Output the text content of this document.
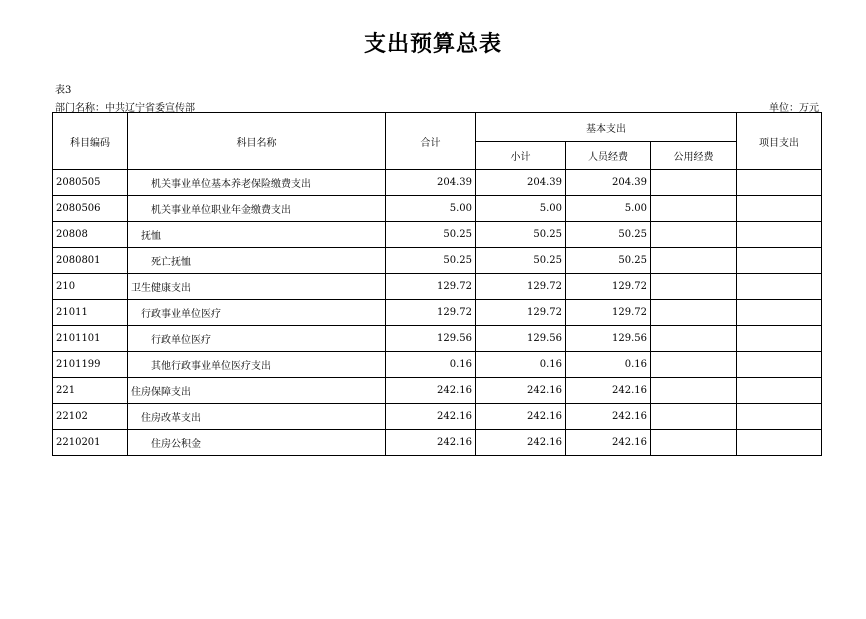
支出预算总表
表3
部门名称：中共辽宁省委宣传部	单位：万元
科目编码	科目名称	合计	基本支出			项目支出
			小计	人员经费	公用经费	
2080505	机关事业单位基本养老保险缴费支出	204.39	204.39	204.39		
2080506	机关事业单位职业年金缴费支出	5.00	5.00	5.00		
20808	抚恤	50.25	50.25	50.25		
2080801	死亡抚恤	50.25	50.25	50.25		
210	卫生健康支出	129.72	129.72	129.72		
21011	行政事业单位医疗	129.72	129.72	129.72		
2101101	行政单位医疗	129.56	129.56	129.56		
2101199	其他行政事业单位医疗支出	0.16	0.16	0.16		
221	住房保障支出	242.16	242.16	242.16		
22102	住房改革支出	242.16	242.16	242.16		
2210201	住房公积金	242.16	242.16	242.16		
